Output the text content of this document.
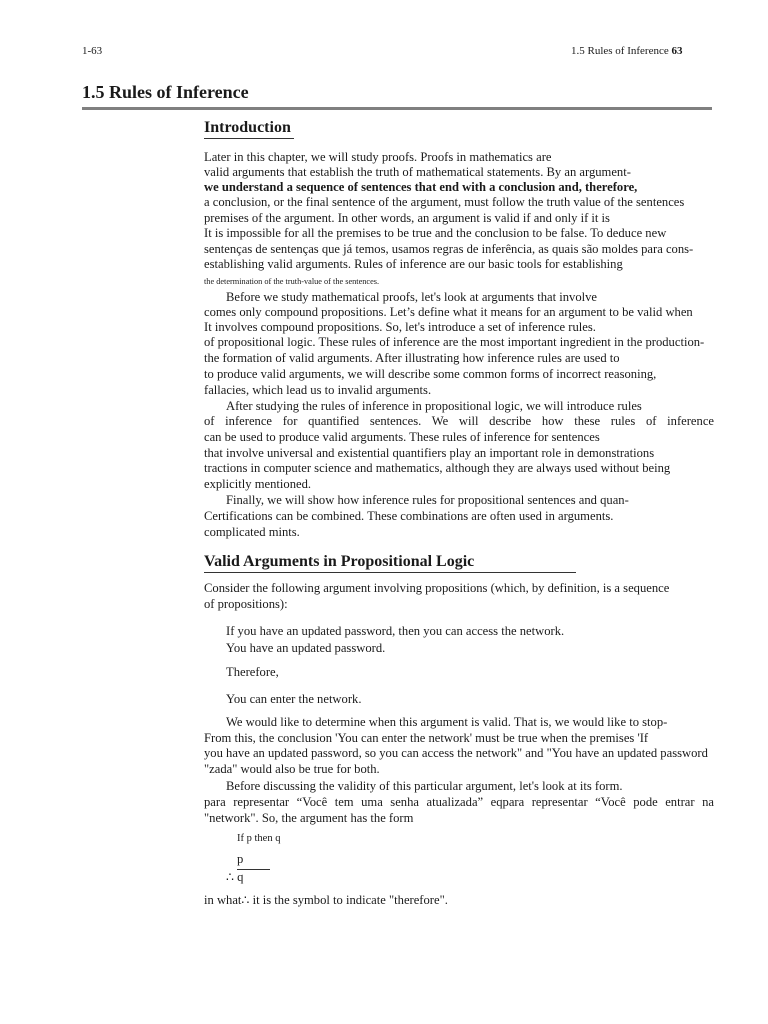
1-63	1.5 Rules of Inference 63
1.5 Rules of Inference
Introduction
Later in this chapter, we will study proofs. Proofs in mathematics are
valid arguments that establish the truth of mathematical statements. By an argument-
we understand a sequence of sentences that end with a conclusion and, therefore,
a conclusion, or the final sentence of the argument, must follow the truth value of the sentences
premises of the argument. In other words, an argument is valid if and only if it is
It is impossible for all the premises to be true and the conclusion to be false. To deduce new
sentenças de sentenças que já temos, usamos regras de inferência, as quais são moldes para cons-
establishing valid arguments. Rules of inference are our basic tools for establishing
the determination of the truth-value of the sentences.
Before we study mathematical proofs, let's look at arguments that involve
comes only compound propositions. Let’s define what it means for an argument to be valid when
It involves compound propositions. So, let's introduce a set of inference rules.
of propositional logic. These rules of inference are the most important ingredient in the production-
the formation of valid arguments. After illustrating how inference rules are used to
to produce valid arguments, we will describe some common forms of incorrect reasoning,
fallacies, which lead us to invalid arguments.
After studying the rules of inference in propositional logic, we will introduce rules
of inference for quantified sentences. We will describe how these rules of inference
can be used to produce valid arguments. These rules of inference for sentences
that involve universal and existential quantifiers play an important role in demonstrations
tractions in computer science and mathematics, although they are always used without being
explicitly mentioned.
Finally, we will show how inference rules for propositional sentences and quan-
Certifications can be combined. These combinations are often used in arguments.
complicated mints.
Valid Arguments in Propositional Logic
Consider the following argument involving propositions (which, by definition, is a sequence
of propositions):
If you have an updated password, then you can access the network.
You have an updated password.
Therefore,
You can enter the network.
We would like to determine when this argument is valid. That is, we would like to stop-
From this, the conclusion 'You can enter the network' must be true when the premises 'If
you have an updated password, so you can access the network" and "You have an updated password
"zada" would also be true for both.
Before discussing the validity of this particular argument, let's look at its form.
para representar “Você tem uma senha atualizada” eqpara representar “Você pode entrar na
"network". So, the argument has the form
If p then q
p
∴ q
in what∴ it is the symbol to indicate "therefore".
